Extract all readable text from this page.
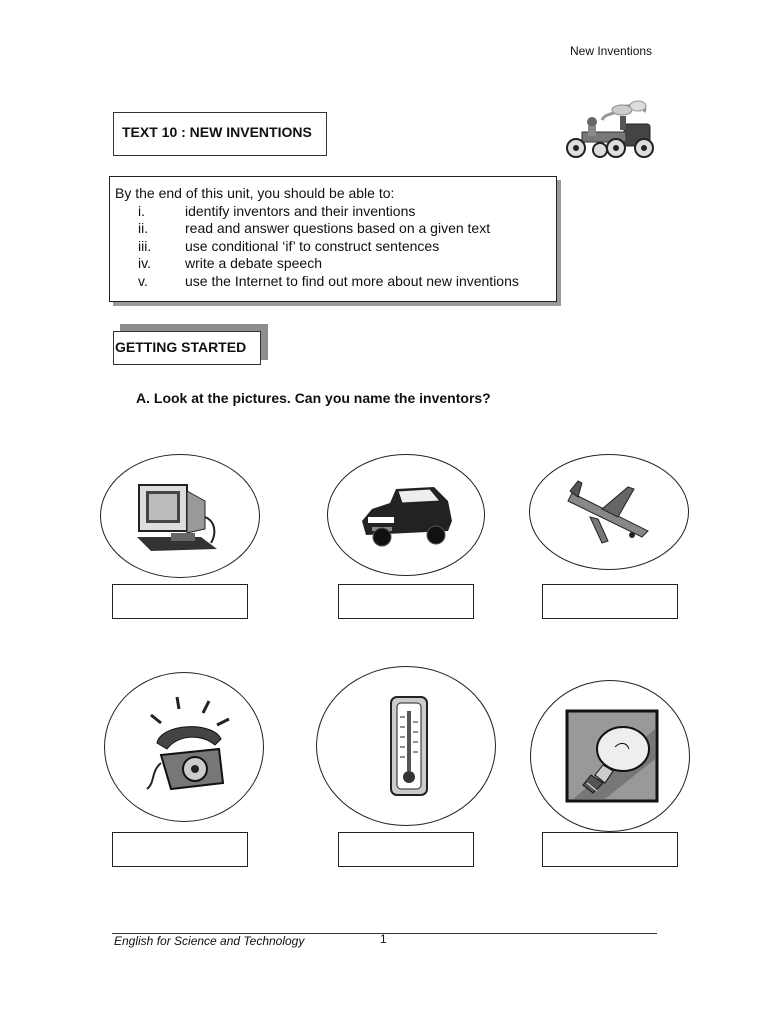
New Inventions
TEXT 10 : NEW INVENTIONS
By the end of this unit, you should be able to:
i.	identify inventors and their inventions
ii.	read and answer questions based on a given text
iii.	use conditional ‘if’ to construct sentences
iv.	write a debate speech
v.	use the Internet to find out more about new inventions
GETTING STARTED
A. Look at the pictures. Can you name the inventors?
English for Science and Technology	1
